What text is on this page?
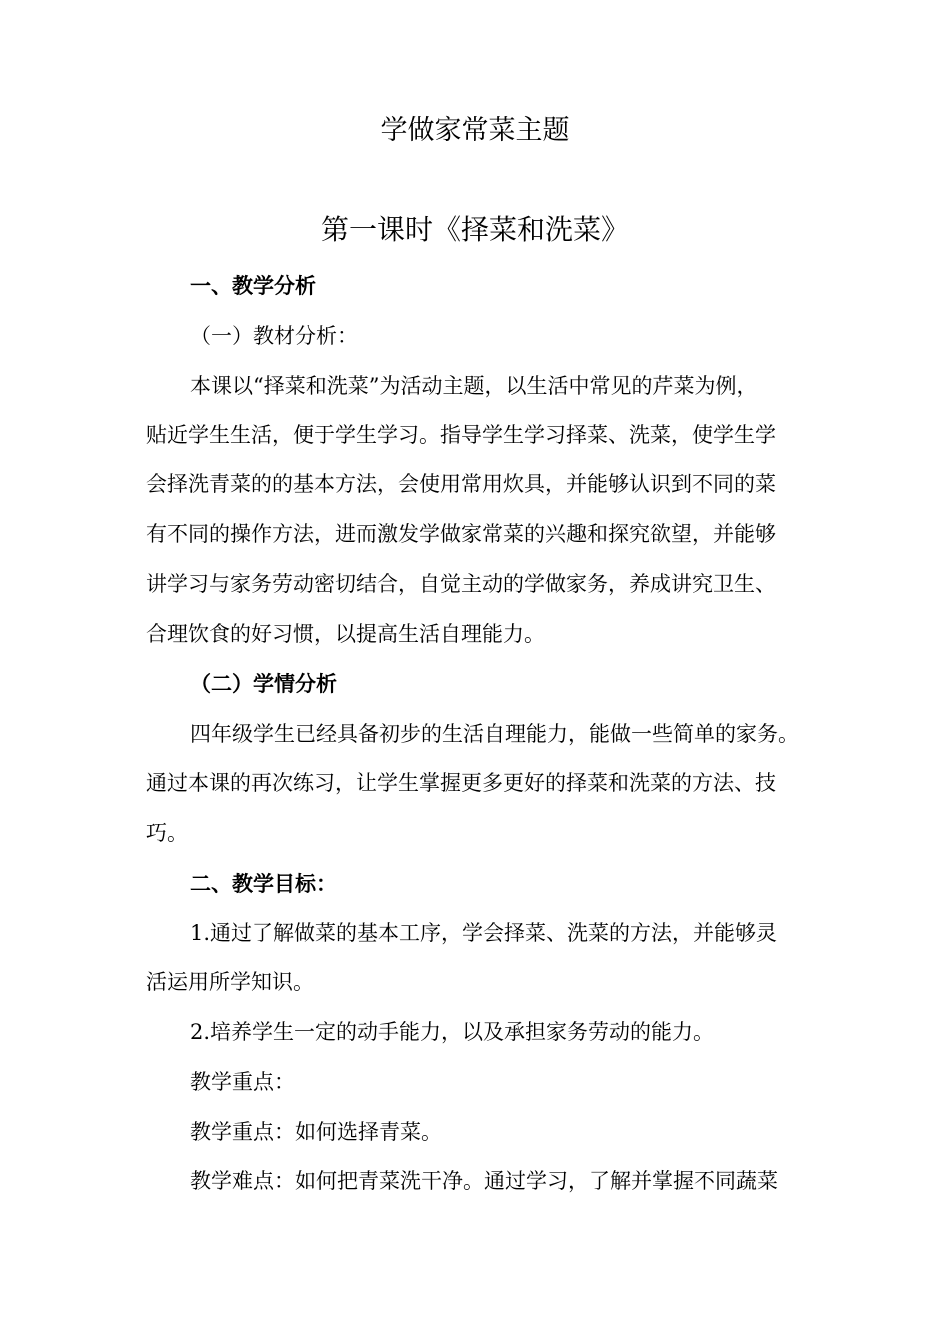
学做家常菜主题
第一课时《择菜和洗菜》
一、教学分析
（一）教材分析：
本课以“择菜和洗菜”为活动主题，以生活中常见的芹菜为例，
贴近学生生活，便于学生学习。指导学生学习择菜、洗菜，使学生学
会择洗青菜的的基本方法，会使用常用炊具，并能够认识到不同的菜
有不同的操作方法，进而激发学做家常菜的兴趣和探究欲望，并能够
讲学习与家务劳动密切结合，自觉主动的学做家务，养成讲究卫生、
合理饮食的好习惯，以提高生活自理能力。
（二）学情分析
四年级学生已经具备初步的生活自理能力，能做一些简单的家务。
通过本课的再次练习，让学生掌握更多更好的择菜和洗菜的方法、技
巧。
二、教学目标：
1.通过了解做菜的基本工序，学会择菜、洗菜的方法，并能够灵
活运用所学知识。
2.培养学生一定的动手能力，以及承担家务劳动的能力。
教学重点：
教学重点：如何选择青菜。
教学难点：如何把青菜洗干净。通过学习，了解并掌握不同蔬菜
